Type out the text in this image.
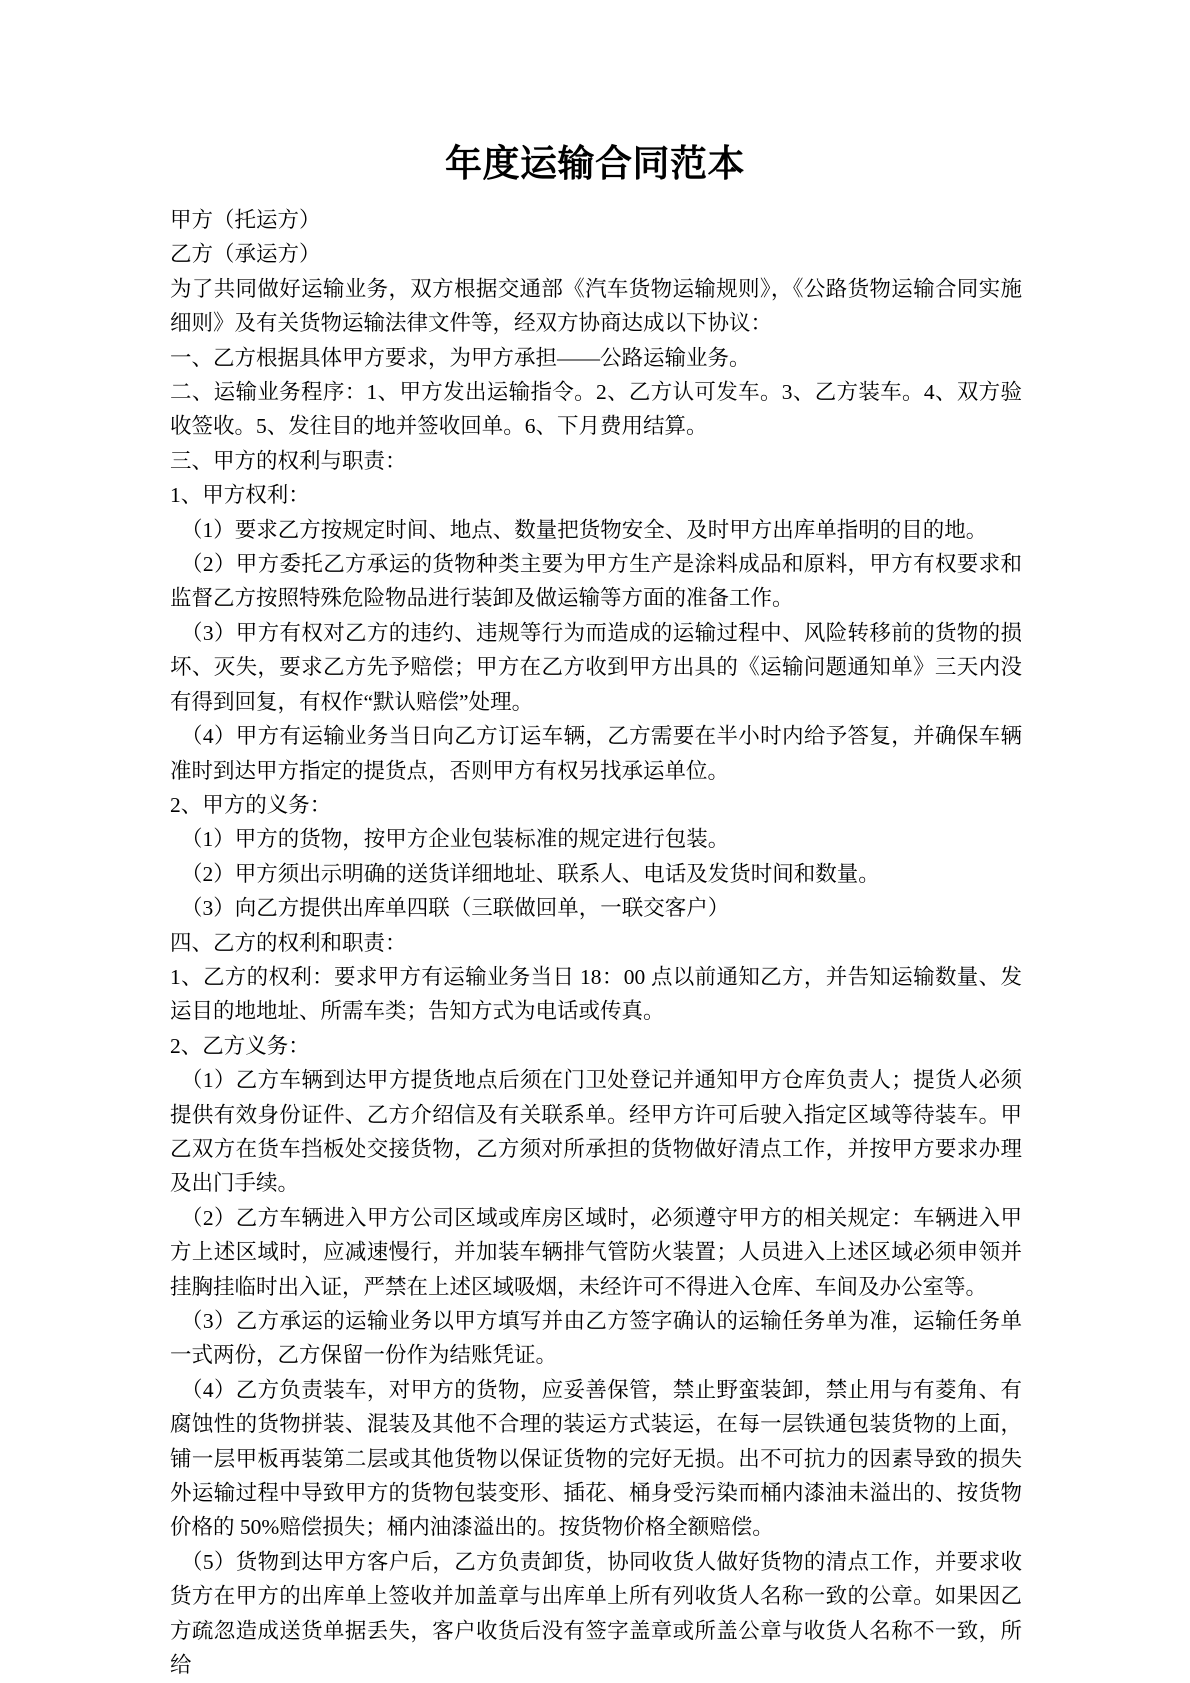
年度运输合同范本

甲方（托运方）

乙方（承运方）

为了共同做好运输业务，双方根据交通部《汽车货物运输规则》，《公路货物运输合同实施细则》及有关货物运输法律文件等，经双方协商达成以下协议：

一、乙方根据具体甲方要求，为甲方承担——公路运输业务。

二、运输业务程序：1、甲方发出运输指令。2、乙方认可发车。3、乙方装车。4、双方验收签收。5、发往目的地并签收回单。6、下月费用结算。

三、甲方的权利与职责：

1、甲方权利：

（1）要求乙方按规定时间、地点、数量把货物安全、及时甲方出库单指明的目的地。

（2）甲方委托乙方承运的货物种类主要为甲方生产是涂料成品和原料，甲方有权要求和监督乙方按照特殊危险物品进行装卸及做运输等方面的准备工作。

（3）甲方有权对乙方的违约、违规等行为而造成的运输过程中、风险转移前的货物的损坏、灭失，要求乙方先予赔偿；甲方在乙方收到甲方出具的《运输问题通知单》三天内没有得到回复，有权作“默认赔偿”处理。

（4）甲方有运输业务当日向乙方订运车辆，乙方需要在半小时内给予答复，并确保车辆准时到达甲方指定的提货点，否则甲方有权另找承运单位。

2、甲方的义务：

（1）甲方的货物，按甲方企业包装标准的规定进行包装。

（2）甲方须出示明确的送货详细地址、联系人、电话及发货时间和数量。

（3）向乙方提供出库单四联（三联做回单，一联交客户）

四、乙方的权利和职责：

1、乙方的权利：要求甲方有运输业务当日 18：00 点以前通知乙方，并告知运输数量、发运目的地地址、所需车类；告知方式为电话或传真。

2、乙方义务：

（1）乙方车辆到达甲方提货地点后须在门卫处登记并通知甲方仓库负责人；提货人必须提供有效身份证件、乙方介绍信及有关联系单。经甲方许可后驶入指定区域等待装车。甲乙双方在货车挡板处交接货物，乙方须对所承担的货物做好清点工作，并按甲方要求办理及出门手续。

（2）乙方车辆进入甲方公司区域或库房区域时，必须遵守甲方的相关规定：车辆进入甲方上述区域时，应减速慢行，并加装车辆排气管防火装置；人员进入上述区域必须申领并挂胸挂临时出入证，严禁在上述区域吸烟，未经许可不得进入仓库、车间及办公室等。

（3）乙方承运的运输业务以甲方填写并由乙方签字确认的运输任务单为准，运输任务单一式两份，乙方保留一份作为结账凭证。

（4）乙方负责装车，对甲方的货物，应妥善保管，禁止野蛮装卸，禁止用与有菱角、有腐蚀性的货物拼装、混装及其他不合理的装运方式装运，在每一层铁通包装货物的上面，铺一层甲板再装第二层或其他货物以保证货物的完好无损。出不可抗力的因素导致的损失外运输过程中导致甲方的货物包装变形、插花、桶身受污染而桶内漆油未溢出的、按货物价格的 50%赔偿损失；桶内油漆溢出的。按货物价格全额赔偿。

（5）货物到达甲方客户后，乙方负责卸货，协同收货人做好货物的清点工作，并要求收货方在甲方的出库单上签收并加盖章与出库单上所有列收货人名称一致的公章。如果因乙方疏忽造成送货单据丢失，客户收货后没有签字盖章或所盖公章与收货人名称不一致，所给
